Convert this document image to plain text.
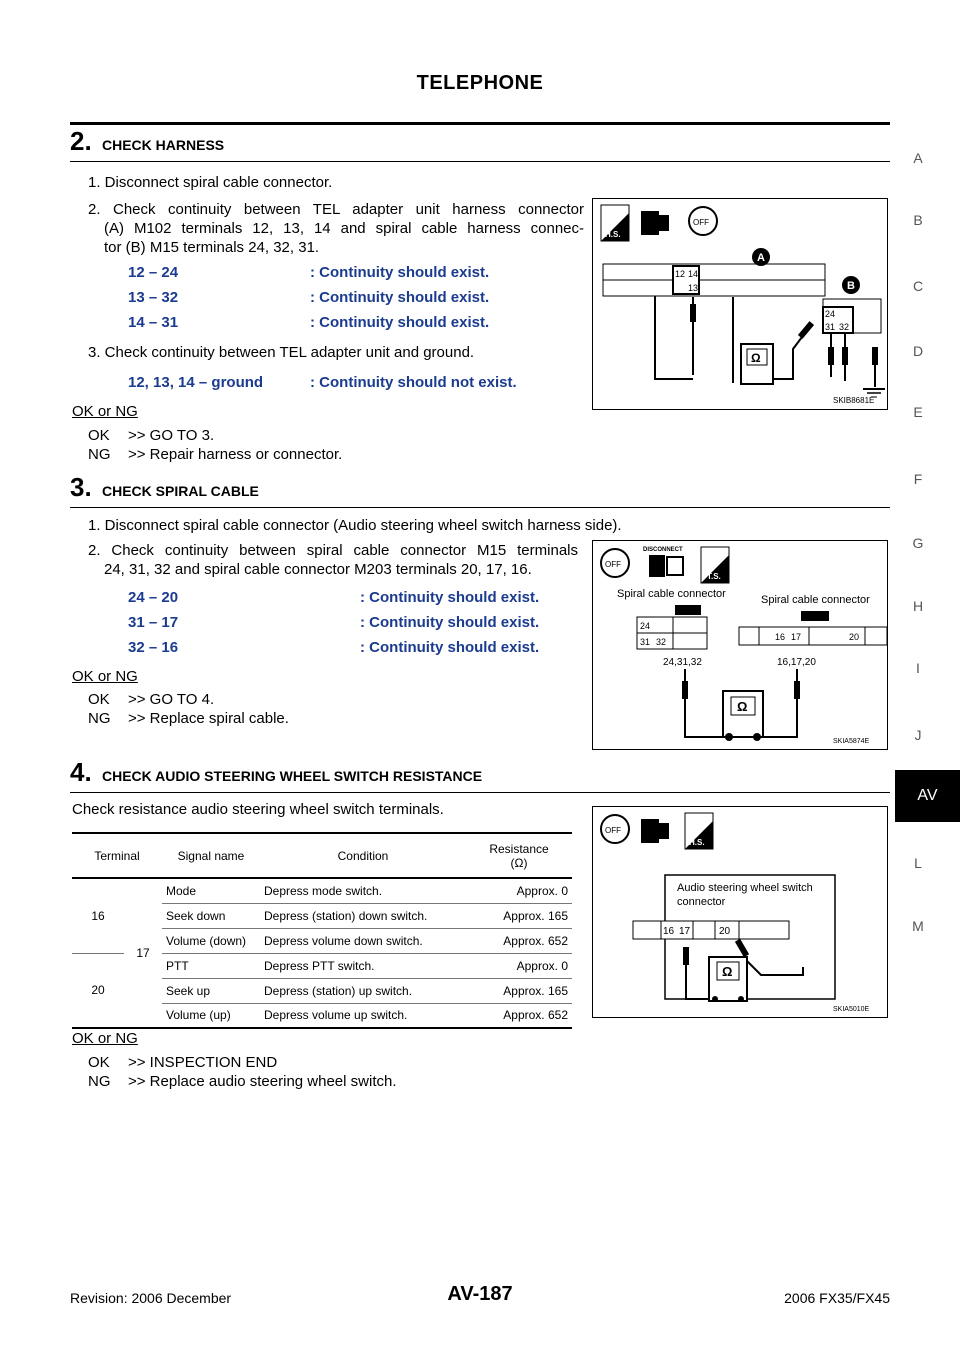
TELEPHONE
A
B
C
D
E
F
G
H
I
J
AV
L
M
2. CHECK HARNESS
1. Disconnect spiral cable connector.
2. Check continuity between TEL adapter unit harness connector
(A) M102 terminals 12, 13, 14 and spiral cable harness connec-
tor (B) M15 terminals 24, 32, 31.
12 – 24	: Continuity should exist.
13 – 32	: Continuity should exist.
14 – 31	: Continuity should exist.
3. Check continuity between TEL adapter unit and ground.
12, 13, 14 – ground	: Continuity should not exist.
OK or NG
OK >> GO TO 3.
NG >> Repair harness or connector.
H.S.
OFF
12 14
13
A
24
31 32
B
Ω
SKIB8681E
3. CHECK SPIRAL CABLE
1. Disconnect spiral cable connector (Audio steering wheel switch harness side).
2. Check continuity between spiral cable connector M15 terminals
24, 31, 32 and spiral cable connector M203 terminals 20, 17, 16.
24 – 20	: Continuity should exist.
31 – 17	: Continuity should exist.
32 – 16	: Continuity should exist.
OK or NG
OK >> GO TO 4.
NG >> Replace spiral cable.
OFF
DISCONNECT
T.S.
Spiral cable connector	Spiral cable connector
24
31 32	16 17	20
24,31,32	16,17,20
Ω
SKIA5874E
4. CHECK AUDIO STEERING WHEEL SWITCH RESISTANCE
Check resistance audio steering wheel switch terminals.
Terminal		Signal name	Condition	Resistance
(Ω)

16	17	Mode	Depress mode switch.	Approx. 0
		Seek down	Depress (station) down switch.	Approx. 165
		Volume (down)	Depress volume down switch.	Approx. 652
20		PTT	Depress PTT switch.	Approx. 0
		Seek up	Depress (station) up switch.	Approx. 165
		Volume (up)	Depress volume up switch.	Approx. 652
OK or NG
OK >> INSPECTION END
NG >> Replace audio steering wheel switch.
OFF
H.S.
Audio steering wheel switch
connector
16 17	20
Ω
SKIA5010E
Revision: 2006 December	AV-187	2006 FX35/FX45
